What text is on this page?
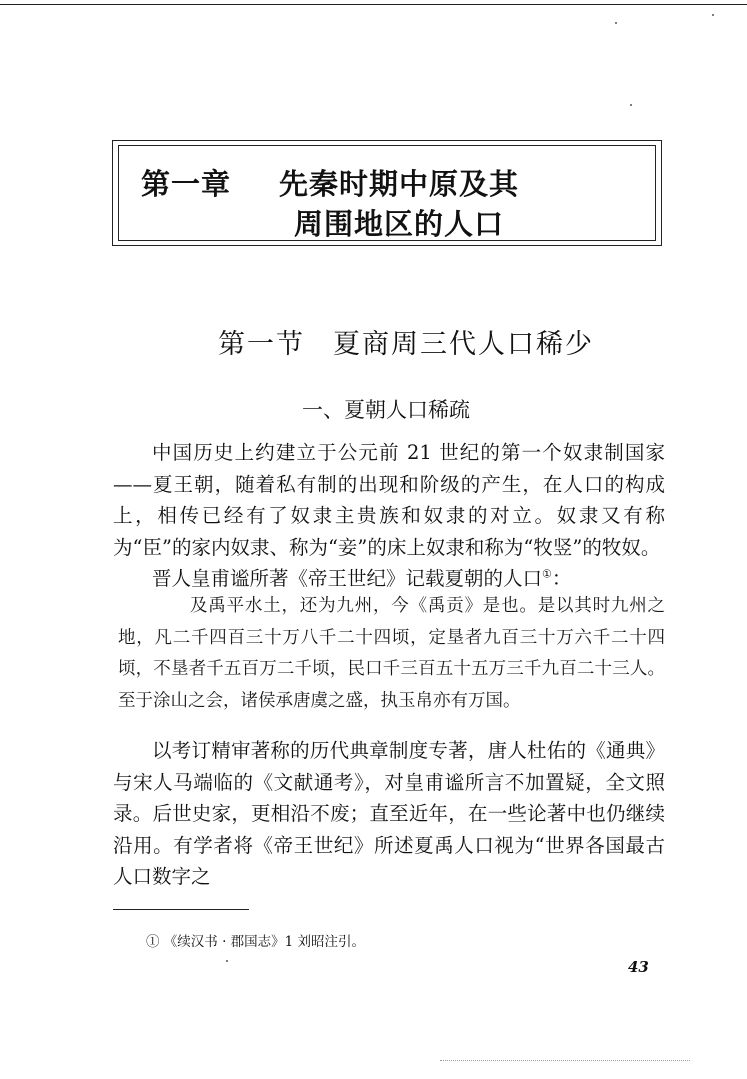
第一章 先秦时期中原及其
周围地区的人口
第一节 夏商周三代人口稀少
一、夏朝人口稀疏

中国历史上约建立于公元前 21 世纪的第一个奴隶制国家——夏王朝，随着私有制的出现和阶级的产生，在人口的构成上，相传已经有了奴隶主贵族和奴隶的对立。奴隶又有称为“臣”的家内奴隶、称为“妾”的床上奴隶和称为“牧竖”的牧奴。

晋人皇甫谧所著《帝王世纪》记载夏朝的人口①：

及禹平水土，还为九州，今《禹贡》是也。是以其时九州之地，凡二千四百三十万八千二十四顷，定垦者九百三十万六千二十四顷，不垦者千五百万二千顷，民口千三百五十五万三千九百二十三人。至于涂山之会，诸侯承唐虞之盛，执玉帛亦有万国。

以考订精审著称的历代典章制度专著，唐人杜佑的《通典》与宋人马端临的《文献通考》，对皇甫谧所言不加置疑，全文照录。后世史家，更相沿不废；直至近年，在一些论著中也仍继续沿用。有学者将《帝王世纪》所述夏禹人口视为“世界各国最古人口数字之

① 《续汉书 · 郡国志》1 刘昭注引。
43
